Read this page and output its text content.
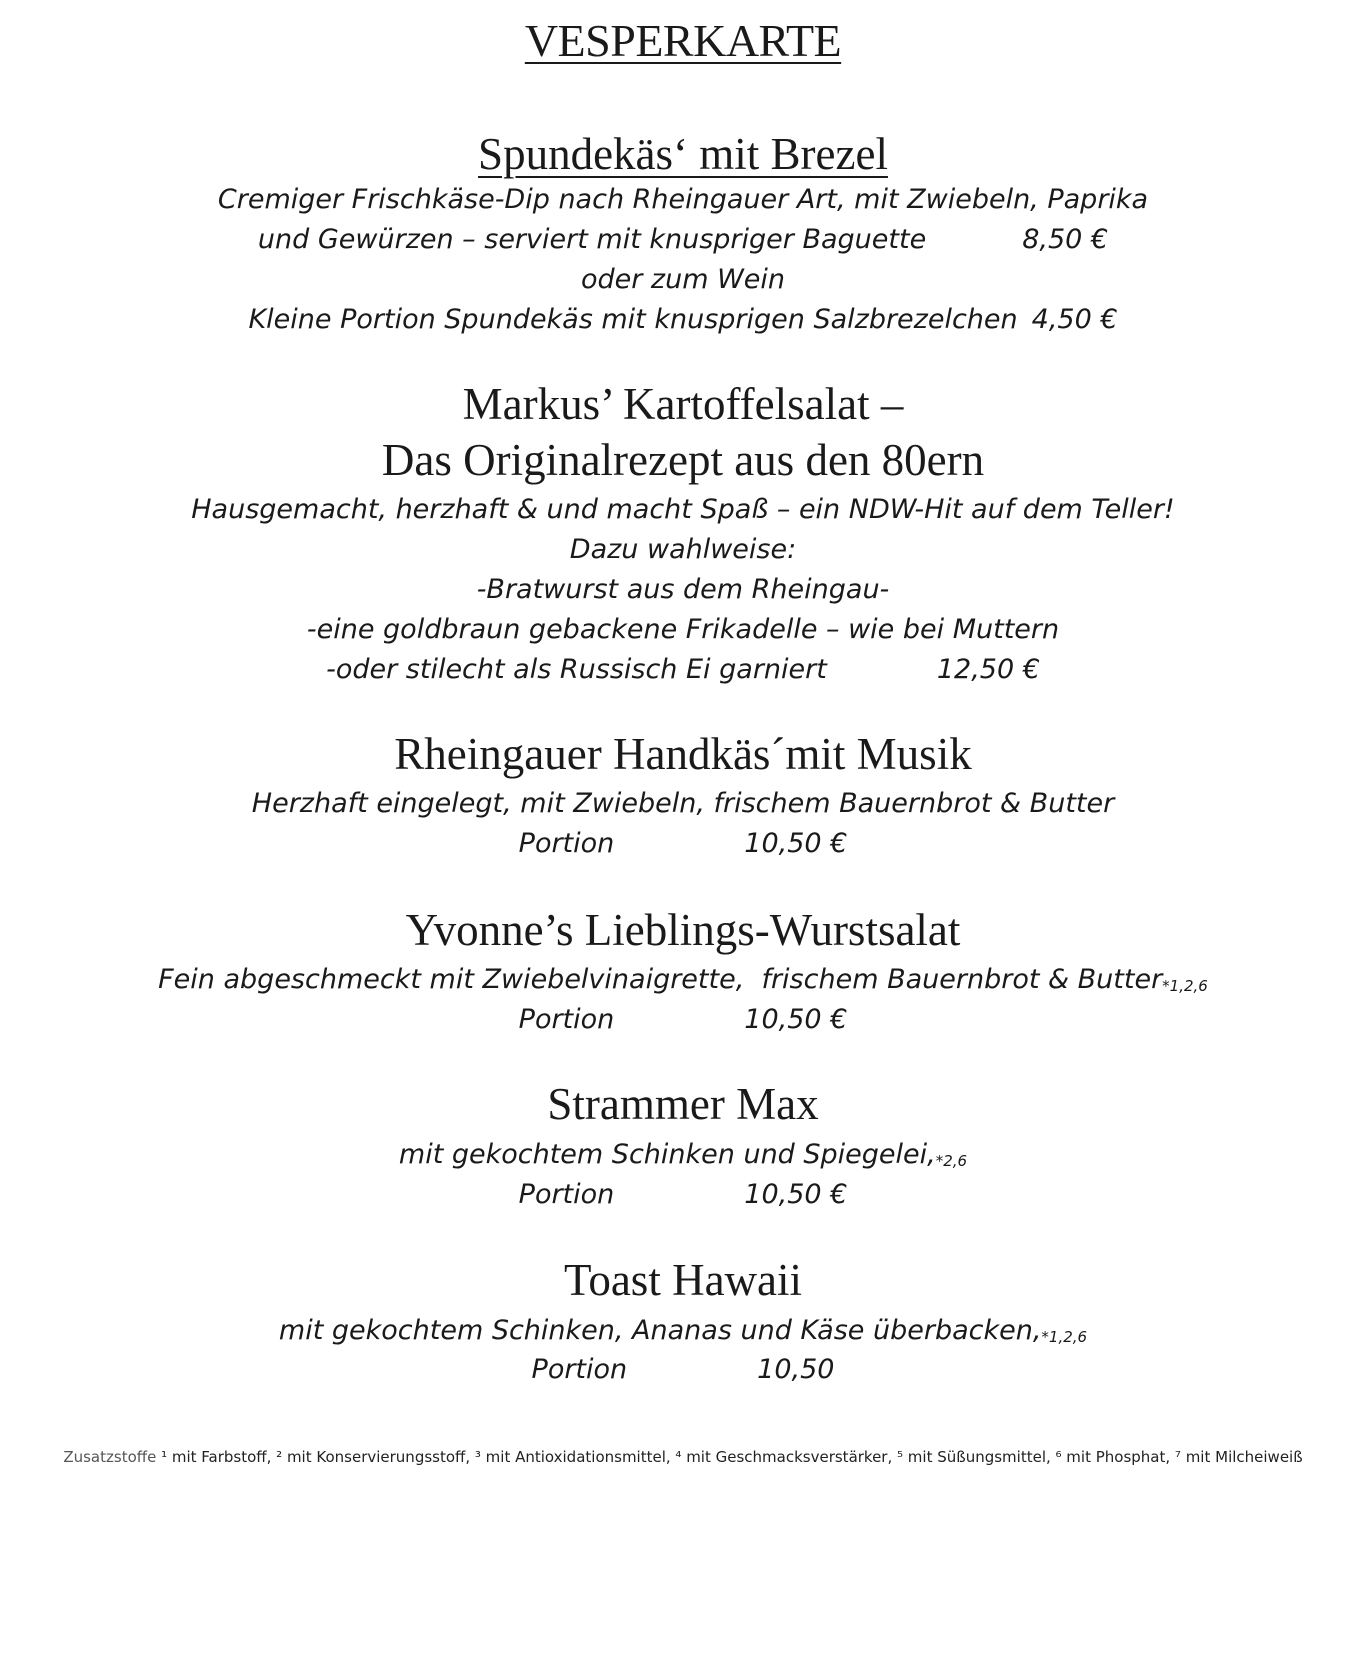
VESPERKARTE
Spundekäs‘ mit Brezel
Cremiger Frischkäse-Dip nach Rheingauer Art, mit Zwiebeln, Paprika
und Gewürzen – serviert mit knuspriger Baguette	8,50 €
oder zum Wein
Kleine Portion Spundekäs mit knusprigen Salzbrezelchen 4,50 €
Markus’ Kartoffelsalat –
Das Originalrezept aus den 80ern
Hausgemacht, herzhaft & und macht Spaß – ein NDW-Hit auf dem Teller!
Dazu wahlweise:
-Bratwurst aus dem Rheingau-
-eine goldbraun gebackene Frikadelle – wie bei Muttern
-oder stilecht als Russisch Ei garniert	12,50 €
Rheingauer Handkäs´mit Musik
Herzhaft eingelegt, mit Zwiebeln, frischem Bauernbrot & Butter
Portion	10,50 €
Yvonne’s Lieblings-Wurstsalat
Fein abgeschmeckt mit Zwiebelvinaigrette,  frischem Bauernbrot & Butter$_{*1,2,6}$
Portion	10,50 €
Strammer Max
mit gekochtem Schinken und $Spiegelei,_{*2,6}$
Portion	10,50 €
Toast Hawaii
mit gekochtem Schinken, Ananas und Käse $überbacken,_{*1,2,6}$
Portion	10,50
Zusatzstoffe ¹ mit Farbstoff, ² mit Konservierungsstoff, ³ mit Antioxidationsmittel, ⁴ mit Geschmacksverstärker, ⁵ mit Süßungsmittel, ⁶ mit Phosphat, ⁷ mit Milcheiweiß
